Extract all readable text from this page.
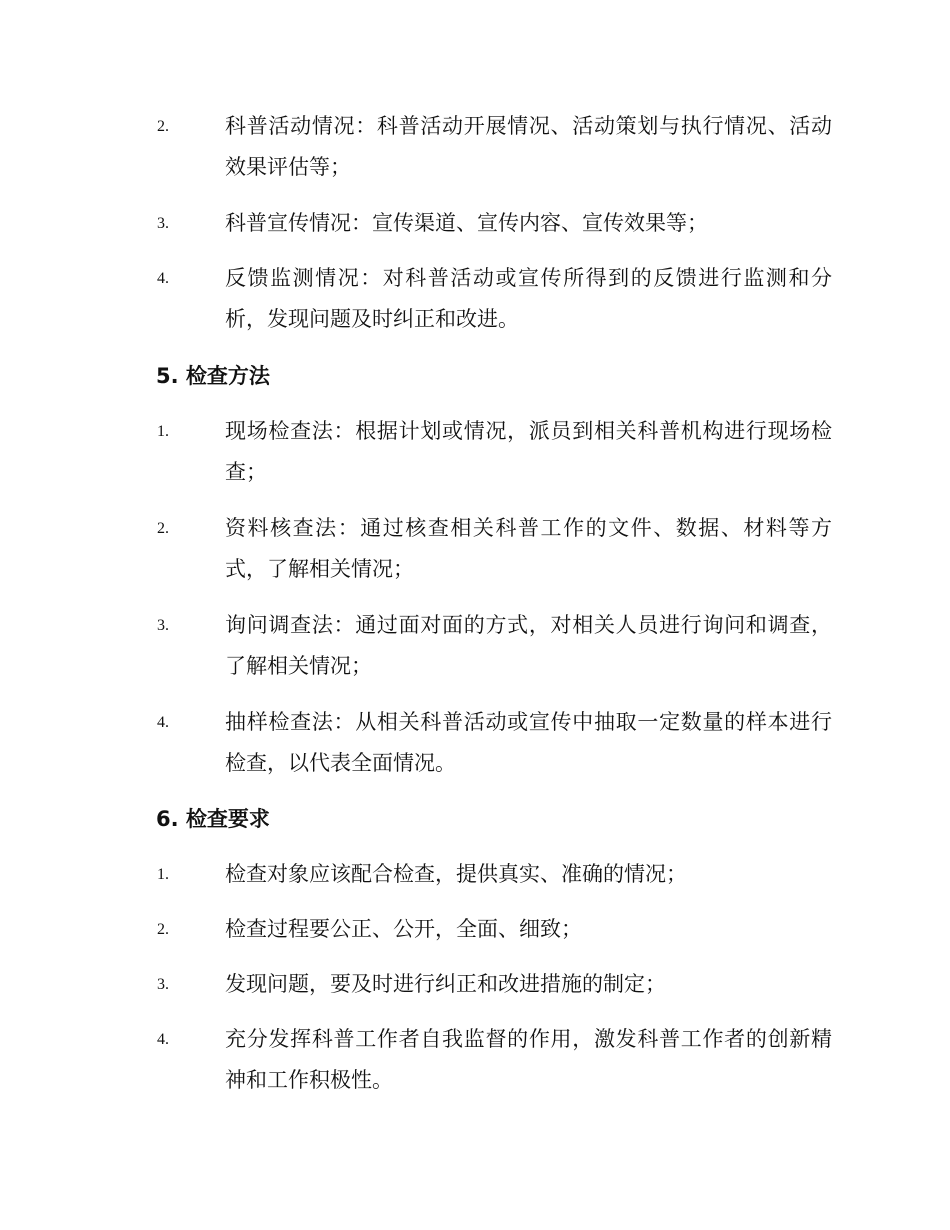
2.	科普活动情况：科普活动开展情况、活动策划与执行情况、活动效果评估等；
3.	科普宣传情况：宣传渠道、宣传内容、宣传效果等；
4.	反馈监测情况：对科普活动或宣传所得到的反馈进行监测和分析，发现问题及时纠正和改进。
5. 检查方法
1.	现场检查法：根据计划或情况，派员到相关科普机构进行现场检查；
2.	资料核查法：通过核查相关科普工作的文件、数据、材料等方式，了解相关情况；
3.	询问调查法：通过面对面的方式，对相关人员进行询问和调查，了解相关情况；
4.	抽样检查法：从相关科普活动或宣传中抽取一定数量的样本进行检查，以代表全面情况。
6. 检查要求
1.	检查对象应该配合检查，提供真实、准确的情况；
2.	检查过程要公正、公开，全面、细致；
3.	发现问题，要及时进行纠正和改进措施的制定；
4.	充分发挥科普工作者自我监督的作用，激发科普工作者的创新精神和工作积极性。
